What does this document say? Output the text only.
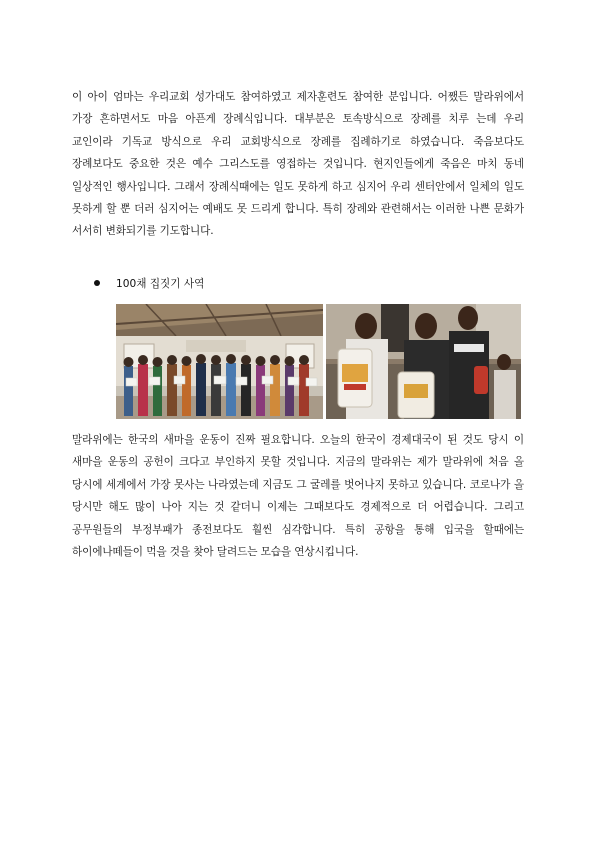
이 아이 엄마는 우리교회 성가대도 참여하였고 제자훈련도 참여한 분입니다. 어쨌든 말라위에서 가장 흔하면서도 마음 아픈게 장례식입니다. 대부분은 토속방식으로 장례를 치루 는데 우리 교인이라 기독교 방식으로 우리 교회방식으로 장례를 집례하기로 하였습니다. 죽음보다도 장례보다도 중요한 것은 예수 그리스도를 영접하는 것입니다. 현지인들에게 죽음은 마치 동네 일상적인 행사입니다. 그래서 장례식때에는 일도 못하게 하고 심지어 우리 센터안에서 일체의 일도 못하게 할 뿐 더러 심지어는 예배도 못 드리게 합니다. 특히 장례와 관련해서는 이러한 나쁜 문화가 서서히 변화되기를 기도합니다.

100채 집짓기 사역

말라위에는 한국의 새마을 운동이 진짜 필요합니다. 오늘의 한국이 경제대국이 된 것도 당시 이 새마을 운동의 공헌이 크다고 부인하지 못할 것입니다. 지금의 말라위는 제가 말라위에 처음 올 당시에 세계에서 가장 못사는 나라였는데 지금도 그 굴레를 벗어나지 못하고 있습니다. 코로나가 올 당시만 해도 많이 나아 지는 것 같더니 이제는 그때보다도 경제적으로 더 어렵습니다. 그리고 공무원들의 부정부패가 종전보다도 훨씬 심각합니다. 특히 공항을 통해 입국을 할때에는 하이에나떼들이 먹을 것을 찾아 달려드는 모습을 연상시킵니다.
